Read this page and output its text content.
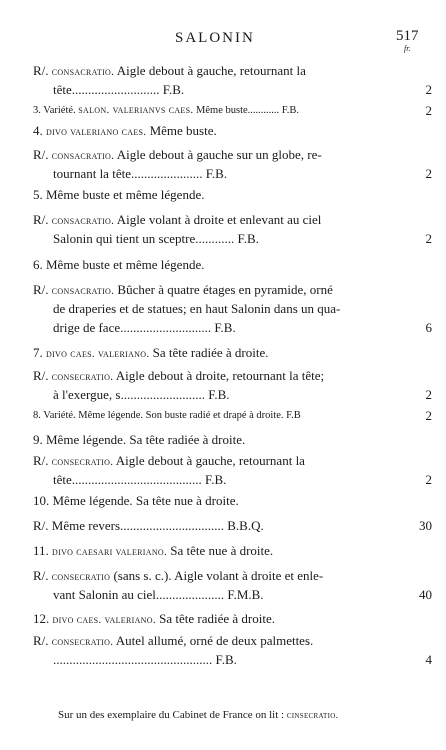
SALONIN	517
fr.
R/. consacratio. Aigle debout à gauche, retournant la
tête........................... F.B.	2
3. Variété. salon. valerianvs caes. Même buste............ F.B.	2
4. divo valeriano caes. Même buste.
R/. consacratio. Aigle debout à gauche sur un globe, re-
tournant la tête...................... F.B.	2
5. Même buste et même légende.
R/. consacratio. Aigle volant à droite et enlevant au ciel
Salonin qui tient un sceptre............ F.B.	2
6. Même buste et même légende.
R/. consacratio. Bûcher à quatre étages en pyramide, orné
de draperies et de statues; en haut Salonin dans un qua-
drige de face............................ F.B.	6
7. divo caes. valeriano. Sa tête radiée à droite.
R/. consecratio. Aigle debout à droite, retournant la tête;
à l'exergue, s.......................... F.B.	2
8. Variété. Même légende. Son buste radié et drapé à droite. F.B	2
9. Même légende. Sa tête radiée à droite.
R/. consecratio. Aigle debout à gauche, retournant la
tête........................................ F.B.	2
10. Même légende. Sa tête nue à droite.
R/. Même revers................................ B.B.Q.	30
11. divo caesari valeriano. Sa tête nue à droite.
R/. consecratio (sans s. c.). Aigle volant à droite et enle-
vant Salonin au ciel..................... F.M.B.	40
12. divo caes. valeriano. Sa tête radiée à droite.
R/. consecratio. Autel allumé, orné de deux palmettes.
................................................. F.B.	4
Sur un des exemplaire du Cabinet de France on lit : cinsecratio.
